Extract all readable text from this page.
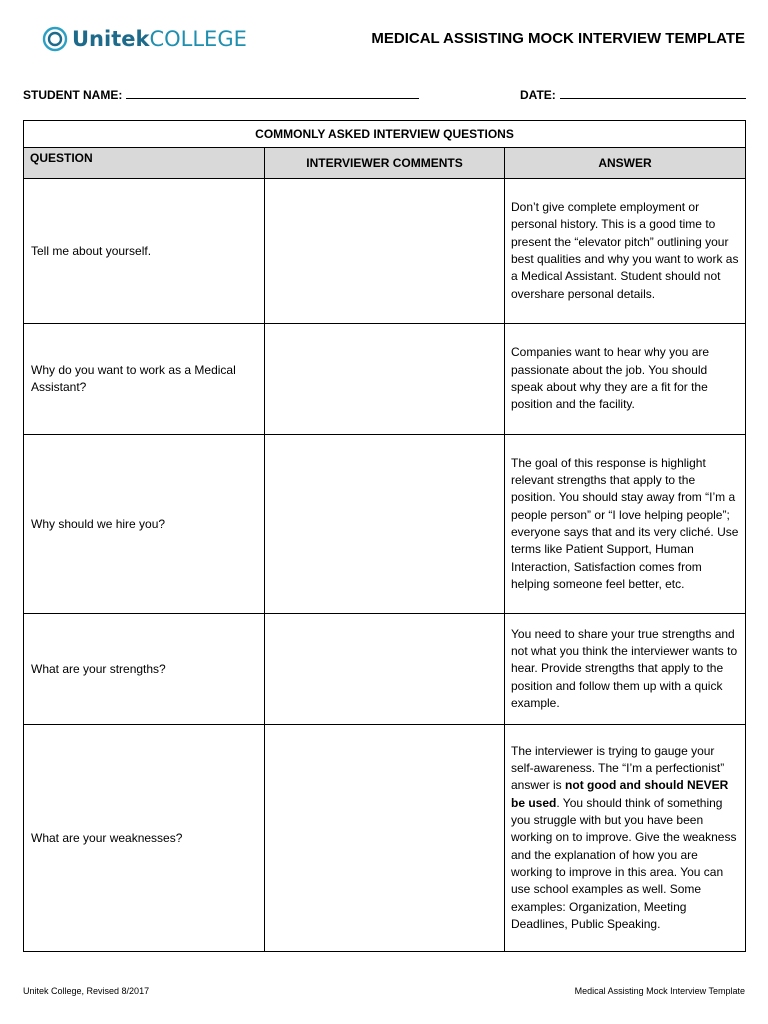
UnitekCOLLEGE	MEDICAL ASSISTING MOCK INTERVIEW TEMPLATE
STUDENT NAME:	DATE:
COMMONLY ASKED INTERVIEW QUESTIONS		
QUESTION	INTERVIEWER COMMENTS	ANSWER
Tell me about yourself.		Don’t give complete employment or personal history. This is a good time to present the “elevator pitch” outlining your best qualities and why you want to work as a Medical Assistant. Student should not overshare personal details.
Why do you want to work as a Medical Assistant?		Companies want to hear why you are passionate about the job. You should speak about why they are a fit for the position and the facility.
Why should we hire you?		The goal of this response is highlight relevant strengths that apply to the position. You should stay away from “I’m a people person” or “I love helping people”; everyone says that and its very cliché. Use terms like Patient Support, Human Interaction, Satisfaction comes from helping someone feel better, etc.
What are your strengths?		You need to share your true strengths and not what you think the interviewer wants to hear. Provide strengths that apply to the position and follow them up with a quick example.
What are your weaknesses?		The interviewer is trying to gauge your self-awareness. The “I’m a perfectionist” answer is not good and should NEVER be used. You should think of something you struggle with but you have been working on to improve. Give the weakness and the explanation of how you are working to improve in this area. You can use school examples as well. Some examples: Organization, Meeting Deadlines, Public Speaking.
Unitek College, Revised 8/2017	Medical Assisting Mock Interview Template
